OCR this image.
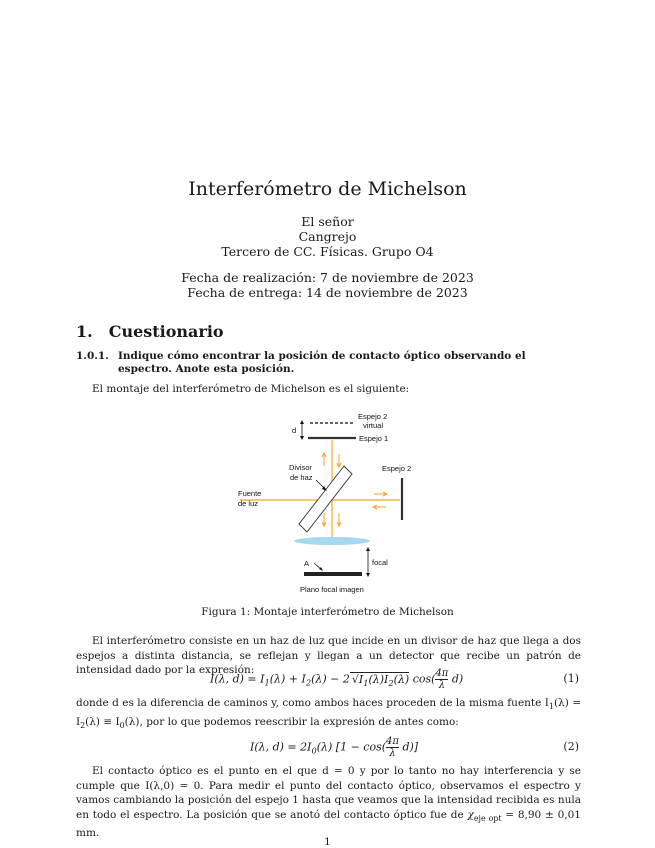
Interferómetro de Michelson
El señor
Cangrejo
Tercero de CC. Físicas. Grupo O4
Fecha de realización: 7 de noviembre de 2023
Fecha de entrega: 14 de noviembre de 2023
1. Cuestionario
1.0.1. Indique cómo encontrar la posición de contacto óptico observando el espectro. Anote esta posición.
El montaje del interferómetro de Michelson es el siguiente:
d
Espejo 2
virtual
Espejo 1
Espejo 2
Divisor
de haz
Fuente
de luz
focal
A
Plano focal imagen
Figura 1: Montaje interferómetro de Michelson
El interferómetro consiste en un haz de luz que incide en un divisor de haz que llega a dos espejos a distinta distancia, se reflejan y llegan a un detector que recibe un patrón de intensidad dado por la expresión:
I(λ, $d) = I_1(\lambda) + I_2(\lambda) - 2$ $√I_1(\lambda)I_2(\lambda)$ $\cos( \frac{4\pi}{\lambda} d)$	(1)
donde d es la diferencia de caminos y, como ambos haces proceden de la misma fuente $I_1(\lambda) = I_2(\lambda) \equiv I_0(\lambda)$, por lo que podemos reescribir la expresión de antes como:
I(λ, $d) = 2I_0(\lambda) [1 - \cos( \frac{4\pi}{\lambda} d)]$	(2)
El contacto óptico es el punto en el que d = 0 y por lo tanto no hay interferencia y se cumple que I(λ,0) = 0. Para medir el punto del contacto óptico, observamos el espectro y vamos cambiando la posición del espejo 1 hasta que veamos que la intensidad recibida es nula en todo el espectro. La posición que se anotó del contacto óptico fue de $\chi_{eje opt} = 8,90 \pm 0,01$ mm.
1
